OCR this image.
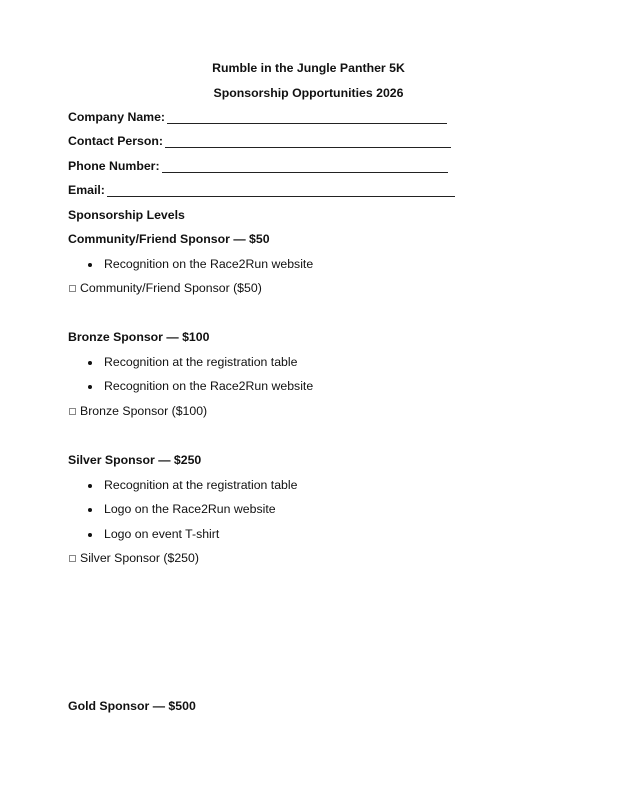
Rumble in the Jungle Panther 5K
Sponsorship Opportunities 2026
Company Name:
Contact Person:
Phone Number:
Email:
Sponsorship Levels
Community/Friend Sponsor — $50
Recognition on the Race2Run website
Community/Friend Sponsor ($50)
Bronze Sponsor — $100
Recognition at the registration table
Recognition on the Race2Run website
Bronze Sponsor ($100)
Silver Sponsor — $250
Recognition at the registration table
Logo on the Race2Run website
Logo on event T-shirt
Silver Sponsor ($250)
Gold Sponsor — $500
